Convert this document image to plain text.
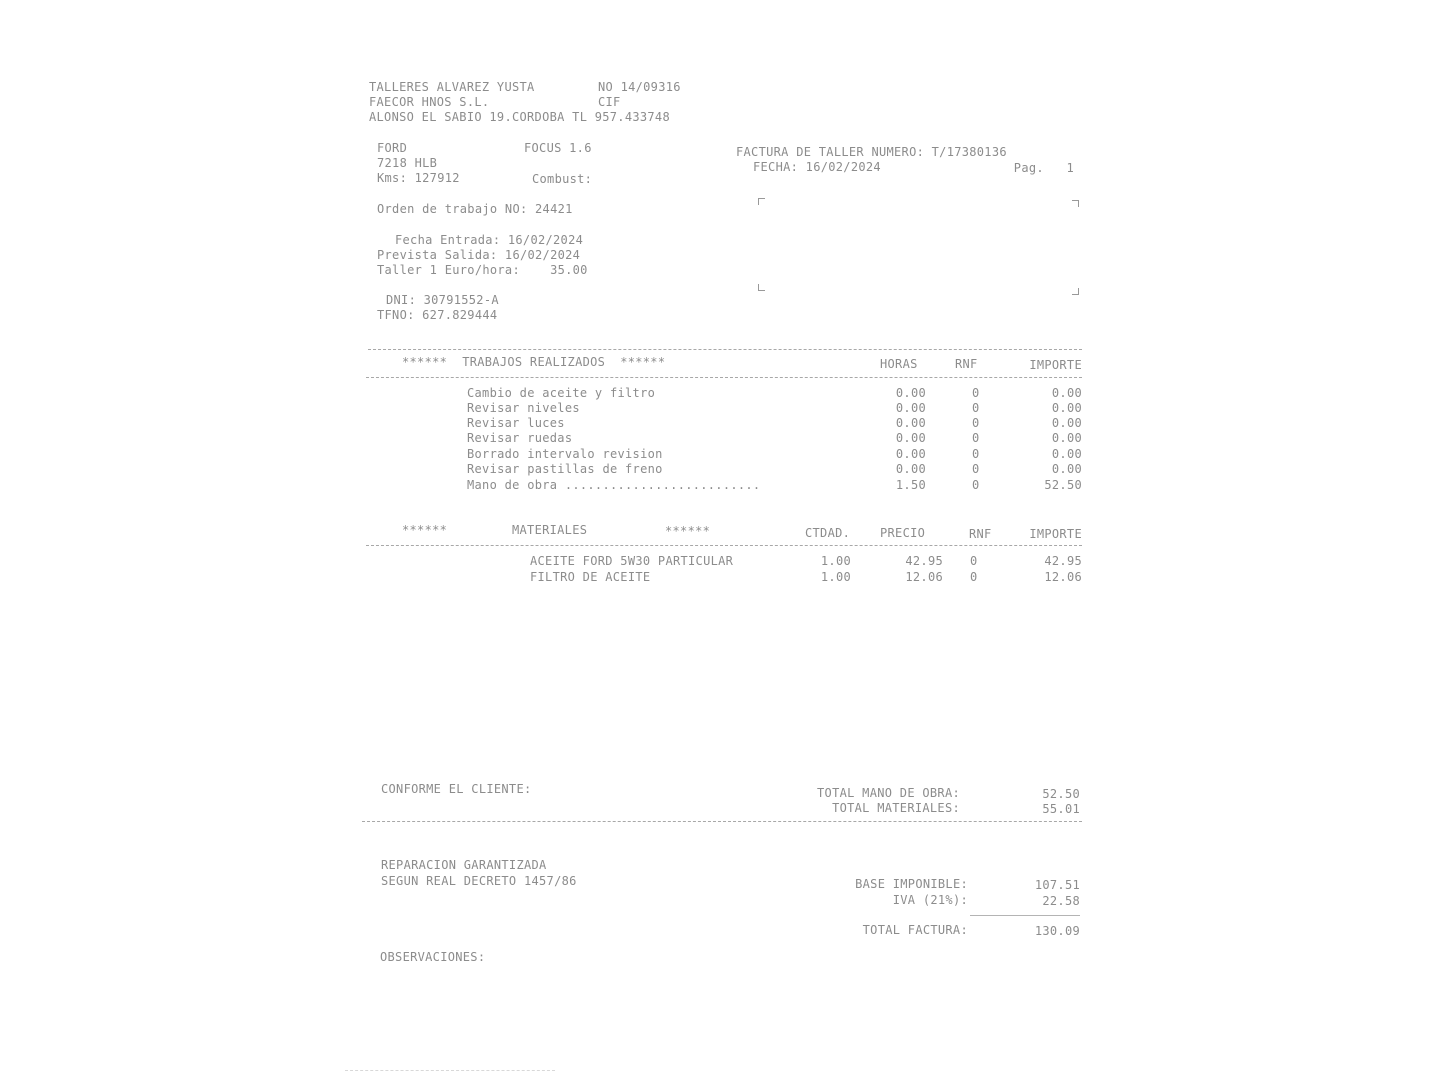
TALLERES ALVAREZ YUSTA	NO 14/09316
FAECOR HNOS S.L.	CIF
ALONSO EL SABIO 19.CORDOBA TL 957.433748
FORD	FOCUS 1.6
7218 HLB
Kms: 127912	Combust:
FACTURA DE TALLER NUMERO: T/17380136
FECHA: 16/02/2024	Pag.   1
Orden de trabajo NO: 24421
Fecha Entrada: 16/02/2024
Prevista Salida: 16/02/2024
Taller 1 Euro/hora:    35.00
DNI: 30791552-A
TFNO: 627.829444
******  TRABAJOS REALIZADOS  ******	HORAS	RNF	IMPORTE
Cambio de aceite y filtro	0.00	0	0.00
Revisar niveles	0.00	0	0.00
Revisar luces	0.00	0	0.00
Revisar ruedas	0.00	0	0.00
Borrado intervalo revision	0.00	0	0.00
Revisar pastillas de freno	0.00	0	0.00
Mano de obra ..........................	1.50	0	52.50
******	MATERIALES	******	CTDAD. PRECIO	RNF	IMPORTE
ACEITE FORD 5W30 PARTICULAR	1.00	42.95 0	42.95
FILTRO DE ACEITE	1.00	12.06 0	12.06
CONFORME EL CLIENTE:	TOTAL MANO DE OBRA:	52.50
TOTAL MATERIALES:	55.01
REPARACION GARANTIZADA
SEGUN REAL DECRETO 1457/86	BASE IMPONIBLE:	107.51
IVA (21%):	22.58
TOTAL FACTURA:	130.09
OBSERVACIONES:
